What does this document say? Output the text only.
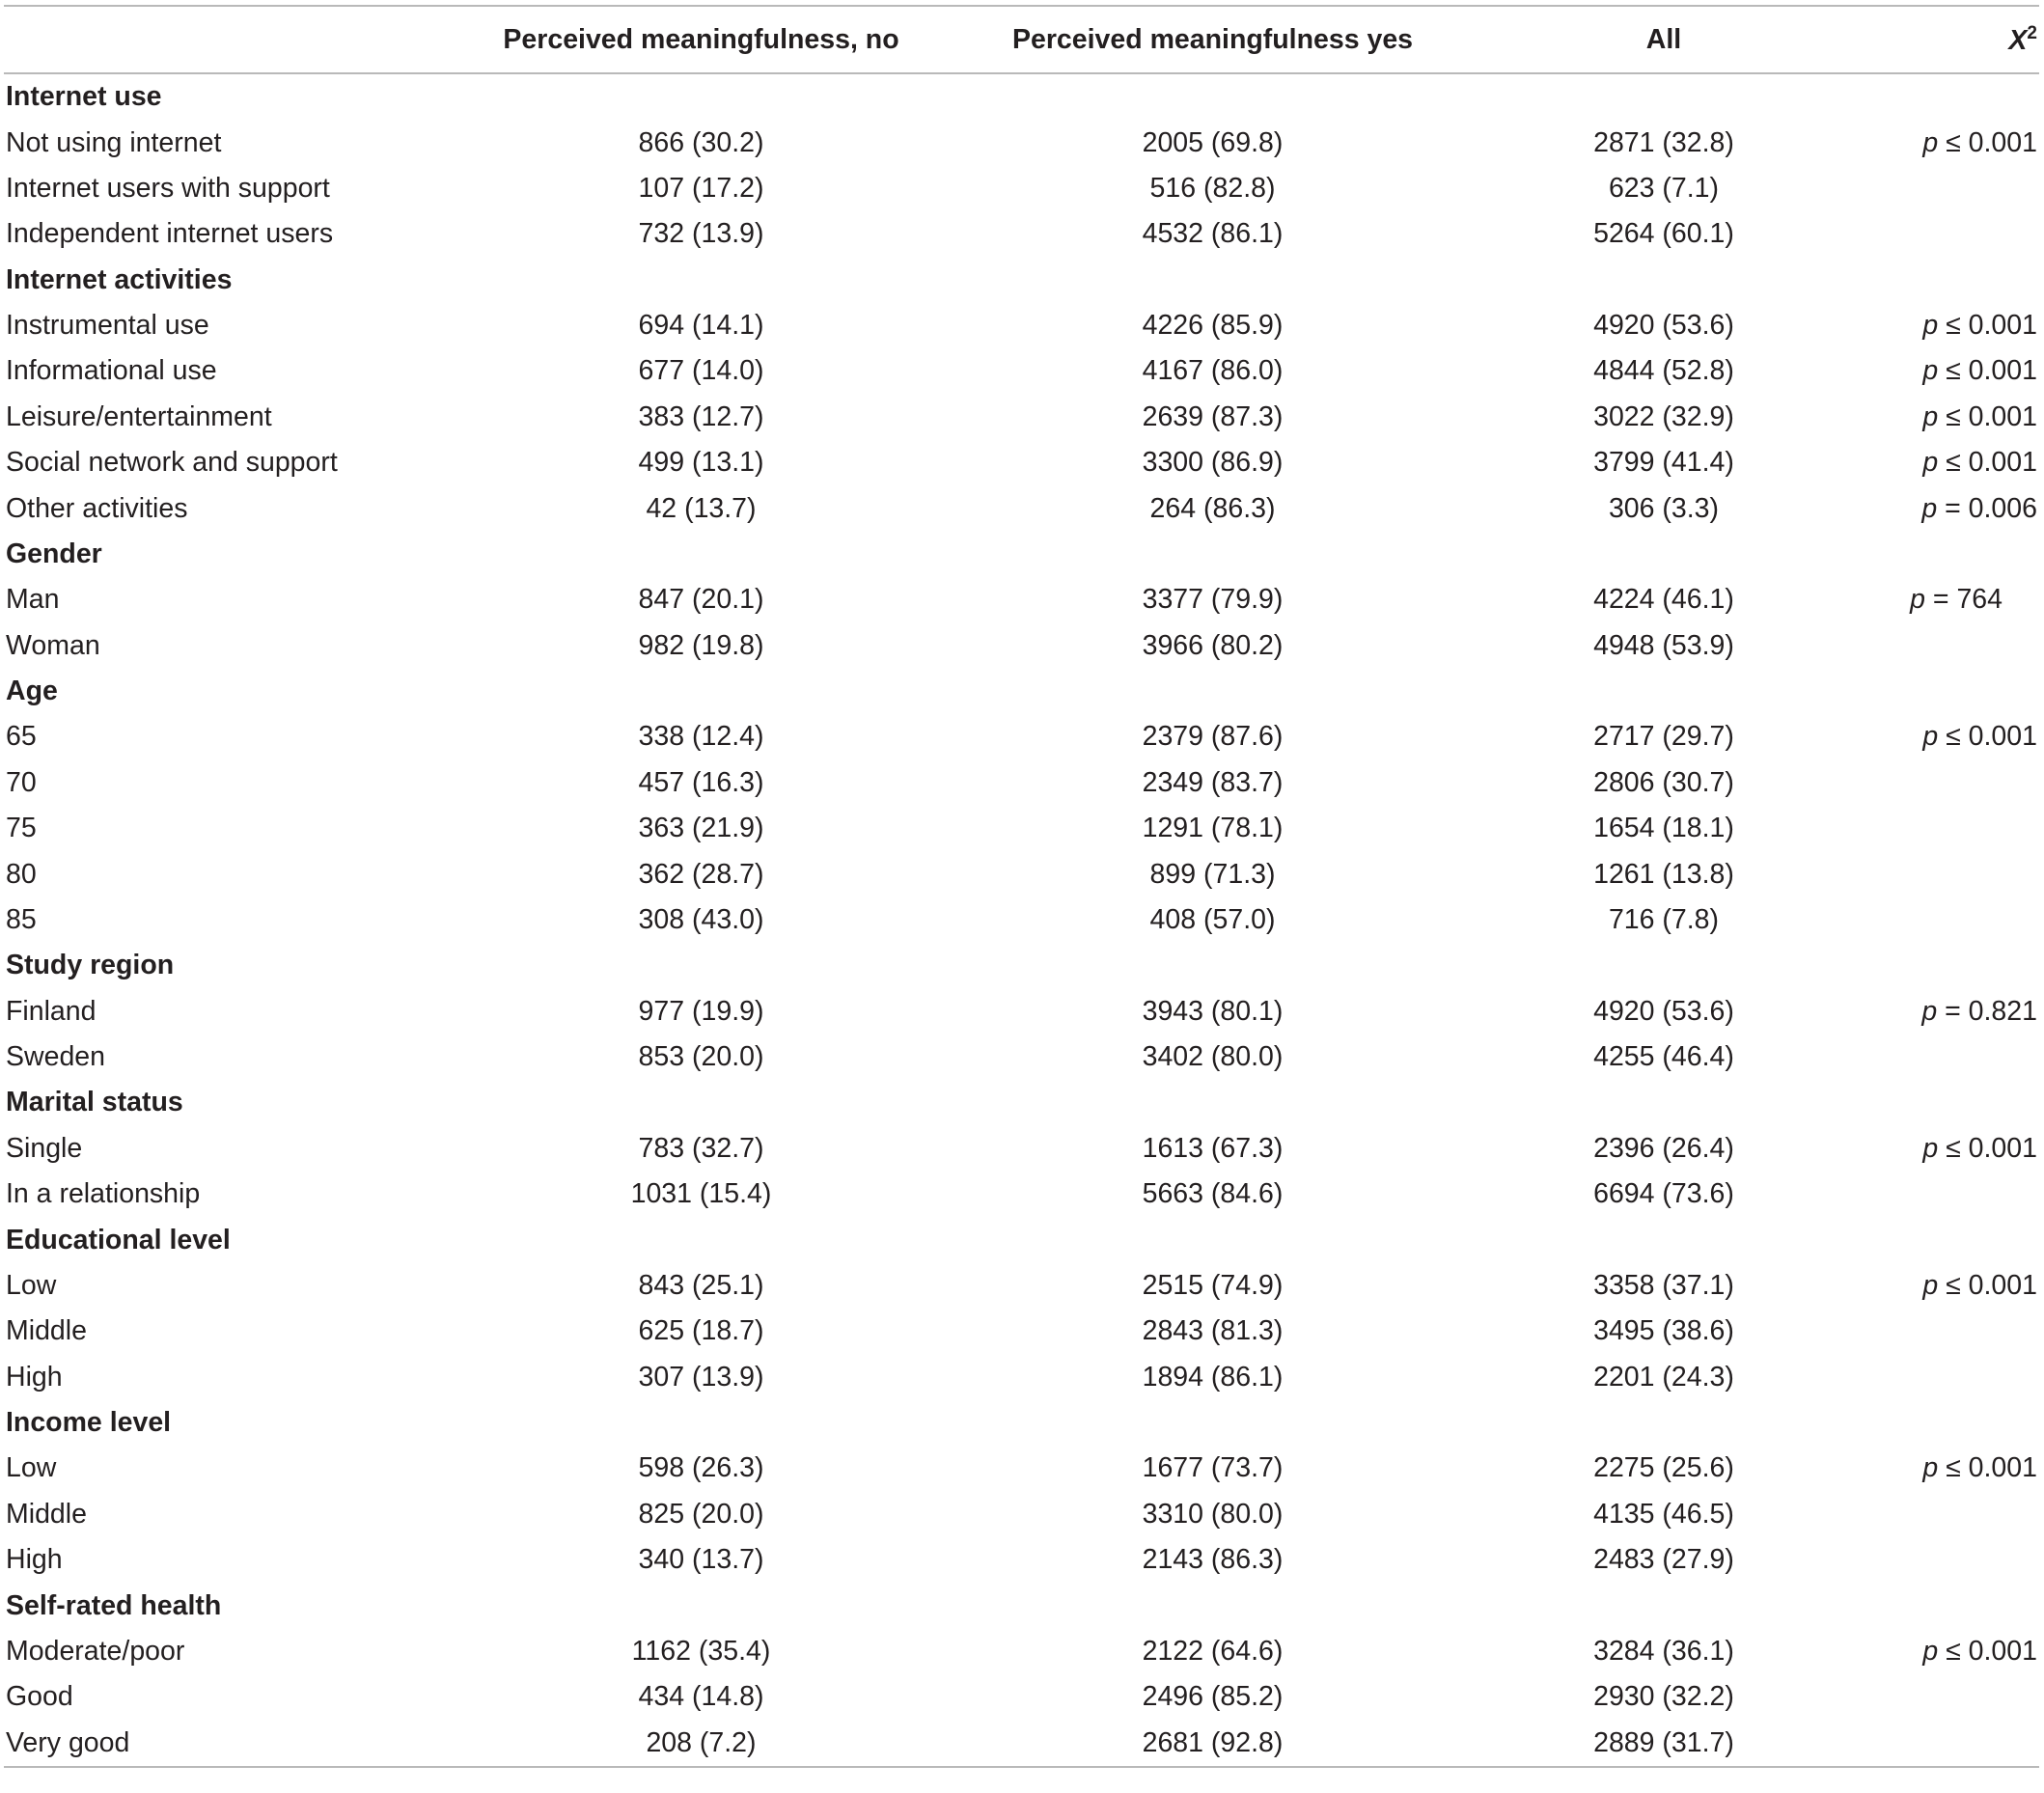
	Perceived meaningfulness, no	Perceived meaningfulness yes	All	$X^2$
Internet use				
Not using internet	866 (30.2)	2005 (69.8)	2871 (32.8)	p ≤ 0.001
Internet users with support	107 (17.2)	516 (82.8)	623 (7.1)	
Independent internet users	732 (13.9)	4532 (86.1)	5264 (60.1)	
Internet activities				
Instrumental use	694 (14.1)	4226 (85.9)	4920 (53.6)	p ≤ 0.001
Informational use	677 (14.0)	4167 (86.0)	4844 (52.8)	p ≤ 0.001
Leisure/entertainment	383 (12.7)	2639 (87.3)	3022 (32.9)	p ≤ 0.001
Social network and support	499 (13.1)	3300 (86.9)	3799 (41.4)	p ≤ 0.001
Other activities	42 (13.7)	264 (86.3)	306 (3.3)	p = 0.006
Gender				
Man	847 (20.1)	3377 (79.9)	4224 (46.1)	p = 764
Woman	982 (19.8)	3966 (80.2)	4948 (53.9)	
Age				
65	338 (12.4)	2379 (87.6)	2717 (29.7)	p ≤ 0.001
70	457 (16.3)	2349 (83.7)	2806 (30.7)	
75	363 (21.9)	1291 (78.1)	1654 (18.1)	
80	362 (28.7)	899 (71.3)	1261 (13.8)	
85	308 (43.0)	408 (57.0)	716 (7.8)	
Study region				
Finland	977 (19.9)	3943 (80.1)	4920 (53.6)	p = 0.821
Sweden	853 (20.0)	3402 (80.0)	4255 (46.4)	
Marital status				
Single	783 (32.7)	1613 (67.3)	2396 (26.4)	p ≤ 0.001
In a relationship	1031 (15.4)	5663 (84.6)	6694 (73.6)	
Educational level				
Low	843 (25.1)	2515 (74.9)	3358 (37.1)	p ≤ 0.001
Middle	625 (18.7)	2843 (81.3)	3495 (38.6)	
High	307 (13.9)	1894 (86.1)	2201 (24.3)	
Income level				
Low	598 (26.3)	1677 (73.7)	2275 (25.6)	p ≤ 0.001
Middle	825 (20.0)	3310 (80.0)	4135 (46.5)	
High	340 (13.7)	2143 (86.3)	2483 (27.9)	
Self-rated health				
Moderate/poor	1162 (35.4)	2122 (64.6)	3284 (36.1)	p ≤ 0.001
Good	434 (14.8)	2496 (85.2)	2930 (32.2)	
Very good	208 (7.2)	2681 (92.8)	2889 (31.7)	
